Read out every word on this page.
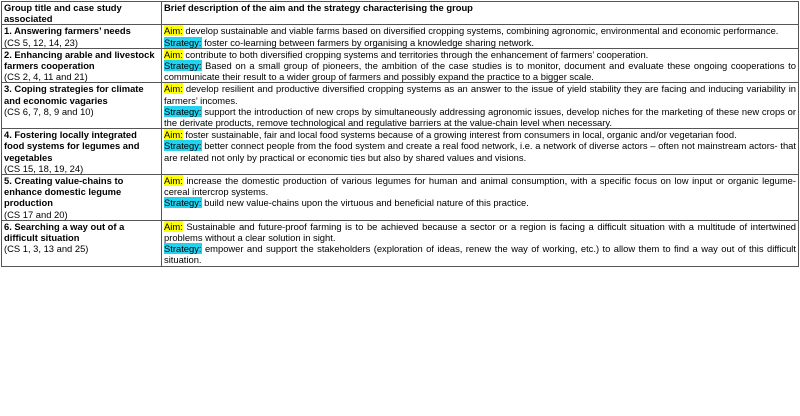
Group title and case study associated	Brief description of the aim and the strategy characterising the group

1. Answering farmers’ needs
(CS 5, 12, 14, 23)	Aim: develop sustainable and viable farms based on diversified cropping systems, combining agronomic, environmental and economic performance.
Strategy: foster co-learning between farmers by organising a knowledge sharing network.

2. Enhancing arable and livestock farmers cooperation
(CS 2, 4, 11 and 21)	Aim: contribute to both diversified cropping systems and territories through the enhancement of farmers’ cooperation.
Strategy: Based on a small group of pioneers, the ambition of the case studies is to monitor, document and evaluate these ongoing cooperations to communicate their result to a wider group of farmers and possibly expand the practice to a bigger scale.

3. Coping strategies for climate and economic vagaries
(CS 6, 7, 8, 9 and 10)	Aim: develop resilient and productive diversified cropping systems as an answer to the issue of yield stability they are facing and inducing variability in farmers’ incomes.
Strategy: support the introduction of new crops by simultaneously addressing agronomic issues, develop niches for the marketing of these new crops or the derivate products, remove technological and regulative barriers at the value-chain level when necessary.

4. Fostering locally integrated food systems for legumes and vegetables
(CS 15, 18, 19, 24)	Aim: foster sustainable, fair and local food systems because of a growing interest from consumers in local, organic and/or vegetarian food.
Strategy: better connect people from the food system and create a real food network, i.e. a network of diverse actors – often not mainstream actors- that are related not only by practical or economic ties but also by shared values and visions.

5. Creating value-chains to enhance domestic legume production
(CS 17 and 20)	Aim: increase the domestic production of various legumes for human and animal consumption, with a specific focus on low input or organic legume-cereal intercrop systems.
Strategy: build new value-chains upon the virtuous and beneficial nature of this practice.

6. Searching a way out of a difficult situation
(CS 1, 3, 13 and 25)	Aim: Sustainable and future-proof farming is to be achieved because a sector or a region is facing a difficult situation with a multitude of intertwined problems without a clear solution in sight.
Strategy: empower and support the stakeholders (exploration of ideas, renew the way of working, etc.) to allow them to find a way out of this difficult situation.
